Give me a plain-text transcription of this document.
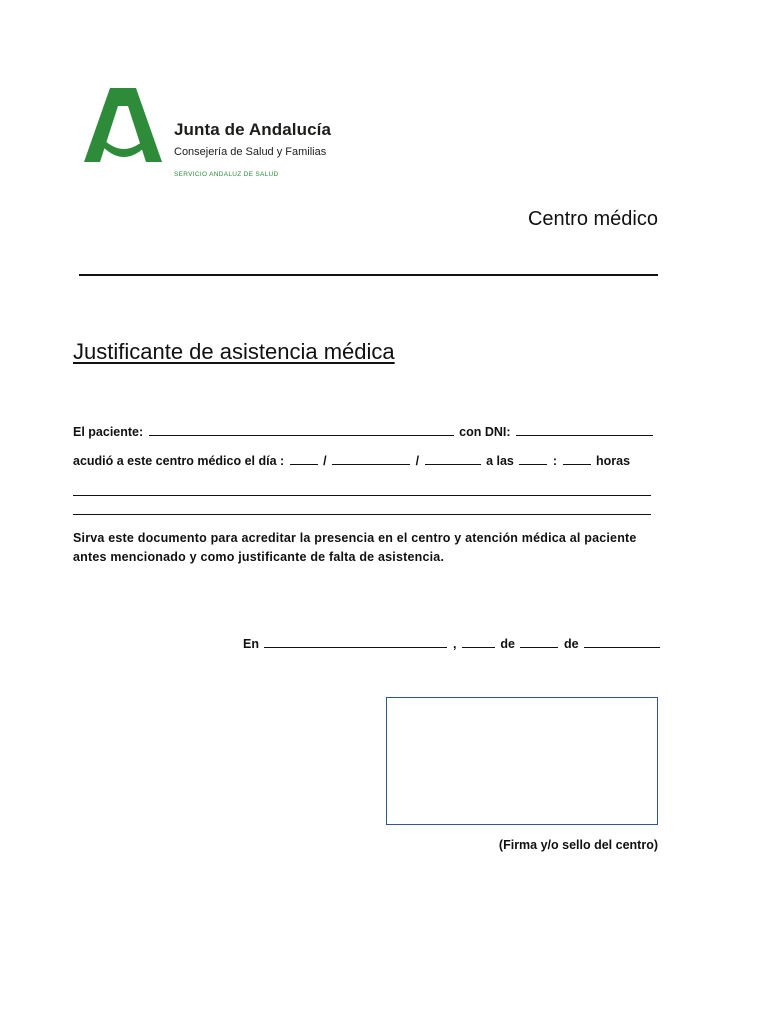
Junta de Andalucía
Consejería de Salud y Familias
SERVICIO ANDALUZ DE SALUD
Centro médico
Justificante de asistencia médica
El paciente:	con DNI:
acudió a este centro médico el día :	/	/	a las	:	horas
Sirva este documento para acreditar la presencia en el centro y atención médica al paciente antes mencionado y como justificante de falta de asistencia.
En	,	de	de
(Firma y/o sello del centro)
